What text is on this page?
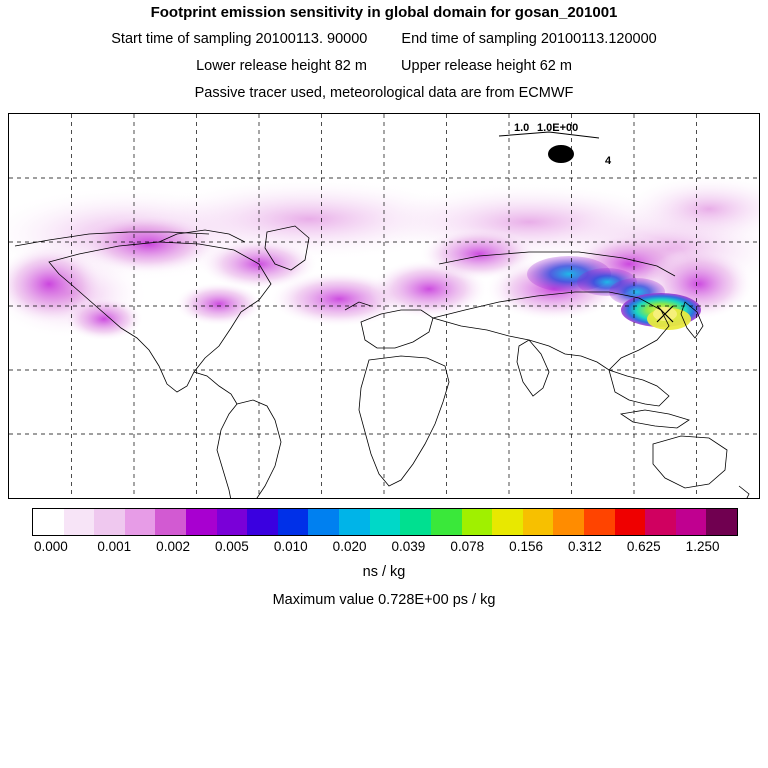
Footprint emission sensitivity in global domain for gosan_201001
Start time of sampling 20100113. 90000 End time of sampling 20100113.120000
Lower release height 82 m Upper release height 62 m
Passive tracer used, meteorological data are from ECMWF
1.0 1.0E+00
1.0	4
0.000 0.001 0.002 0.005 0.010 0.020 0.039 0.078 0.156 0.312 0.625 1.250
ns / kg
Maximum value 0.728E+00 ps / kg
